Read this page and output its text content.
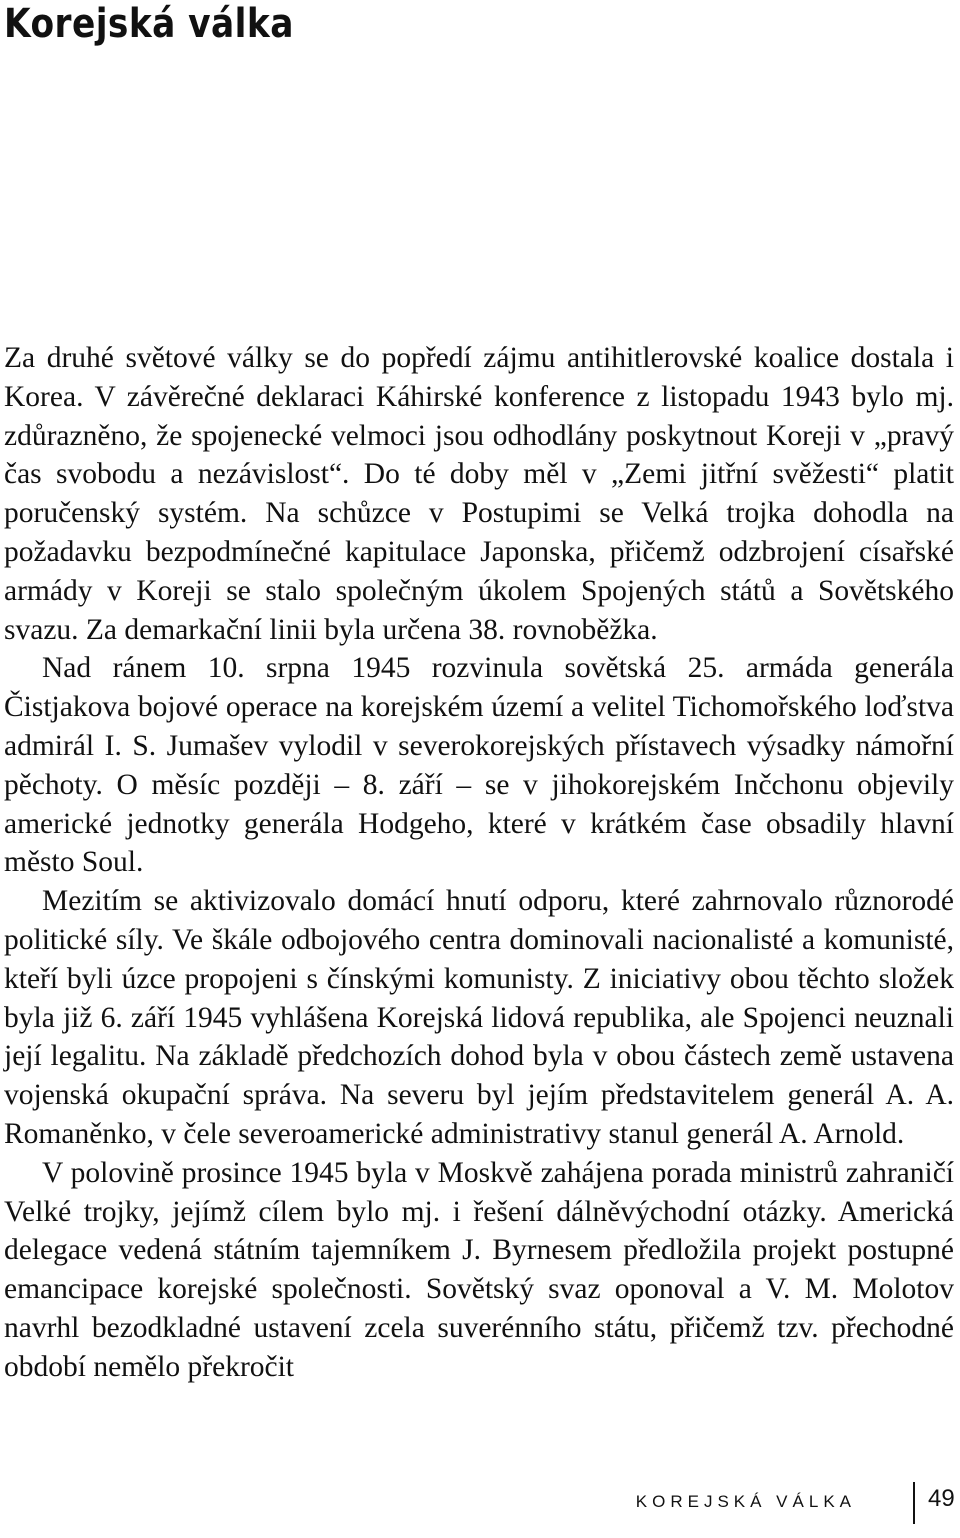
Korejská válka

Za druhé světové války se do popředí zájmu antihitlerovské koalice dostala i Korea. V závěrečné deklaraci Káhirské konference z listopadu 1943 bylo mj. zdůrazněno, že spojenecké velmoci jsou odhodlány poskytnout Koreji v „pravý čas svobodu a nezávislost“. Do té doby měl v „Zemi jitřní svěžesti“ platit poručenský systém. Na schůzce v Postupimi se Velká trojka dohodla na požadavku bezpodmínečné kapitulace Japonska, přičemž odzbrojení císařské armády v Koreji se stalo společným úkolem Spojených států a Sovětského svazu. Za demarkační linii byla určena 38. rovnoběžka.

Nad ránem 10. srpna 1945 rozvinula sovětská 25. armáda generála Čistjakova bojové operace na korejském území a velitel Tichomořského loďstva admirál I. S. Jumašev vylodil v severokorejských přístavech výsadky námořní pěchoty. O měsíc později – 8. září – se v jihokorejském Inčchonu objevily americké jednotky generála Hodgeho, které v krátkém čase obsadily hlavní město Soul.

Mezitím se aktivizovalo domácí hnutí odporu, které zahrnovalo různorodé politické síly. Ve škále odbojového centra dominovali nacionalisté a komunisté, kteří byli úzce propojeni s čínskými komunisty. Z iniciativy obou těchto složek byla již 6. září 1945 vyhlášena Korejská lidová republika, ale Spojenci neuznali její legalitu. Na základě předchozích dohod byla v obou částech země ustavena vojenská okupační správa. Na severu byl jejím představitelem generál A. A. Romaněnko, v čele severoamerické administrativy stanul generál A. Arnold.

V polovině prosince 1945 byla v Moskvě zahájena porada ministrů zahraničí Velké trojky, jejímž cílem bylo mj. i řešení dálněvýchodní otázky. Americká delegace vedená státním tajemníkem J. Byrnesem předložila projekt postupné emancipace korejské společnosti. Sovětský svaz oponoval a V. M. Molotov navrhl bezodkladné ustavení zcela suverénního státu, přičemž tzv. přechodné období nemělo překročit

KOREJSKÁ VÁLKA	49
